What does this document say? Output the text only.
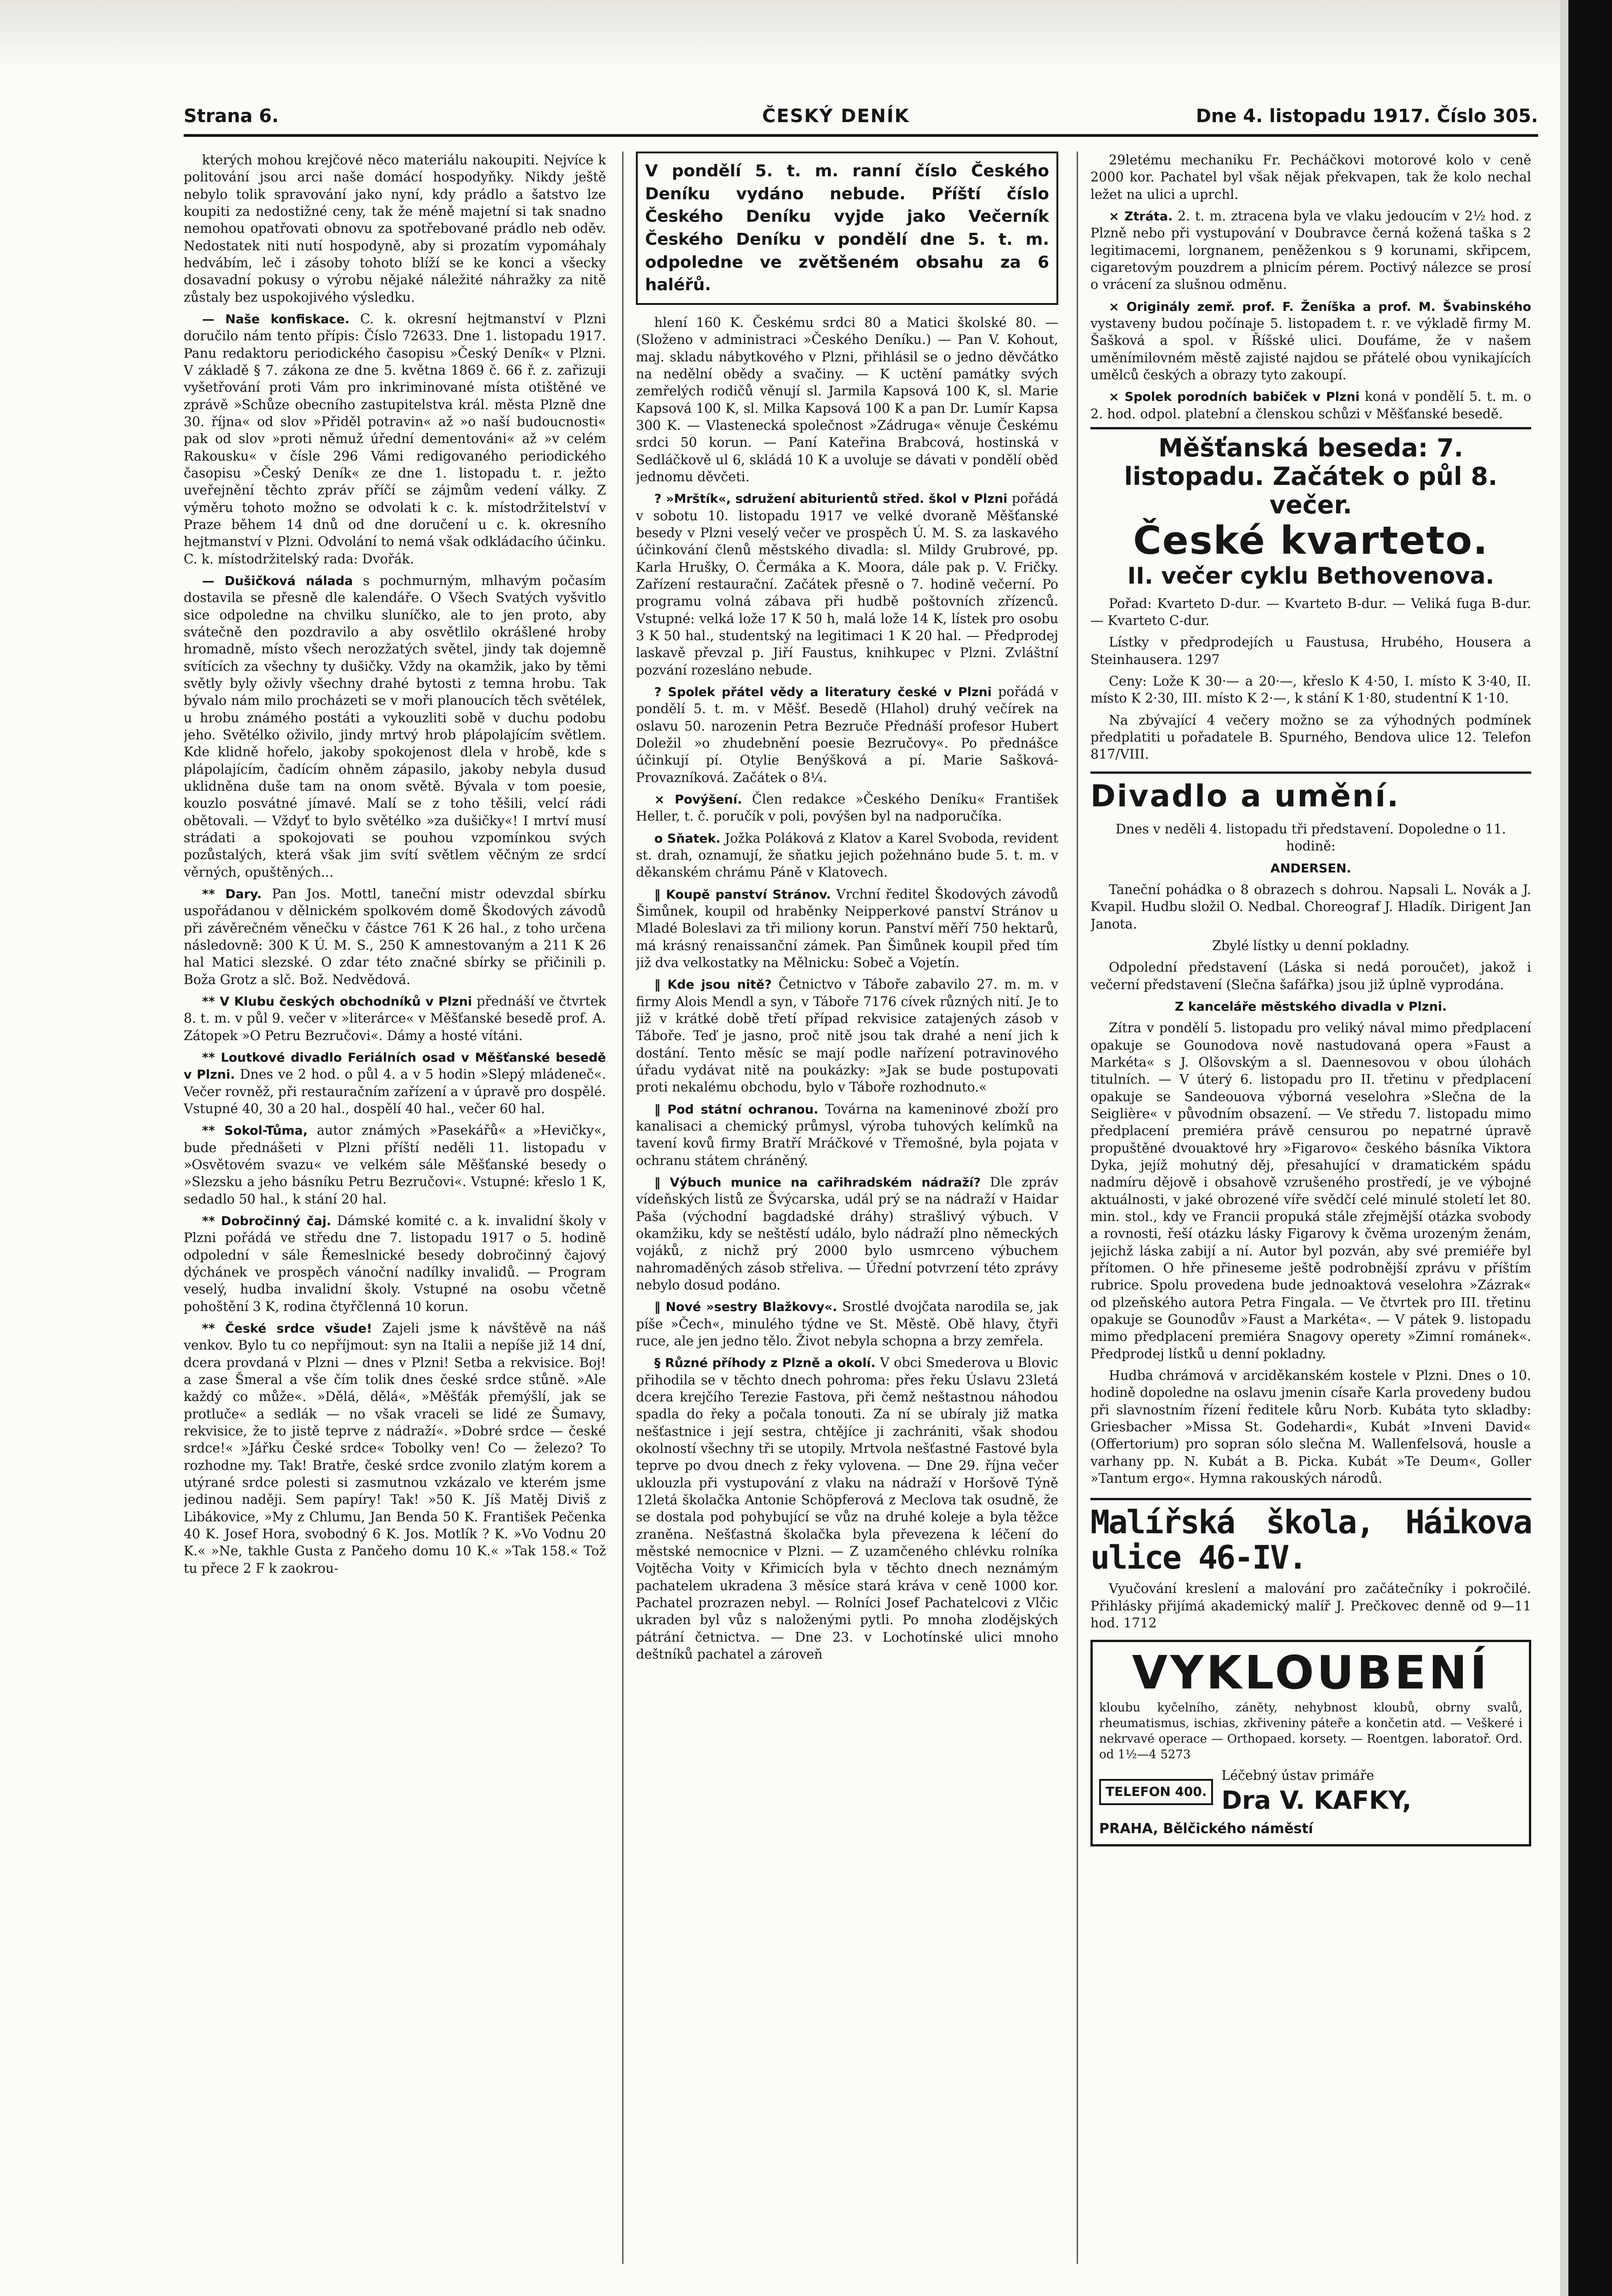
Strana 6.	ČESKÝ DENÍK	Dne 4. listopadu 1917. Číslo 305.

kterých mohou krejčové něco materiálu nakoupiti. Nejvíce k politování jsou arci naše domácí hospodyňky. Nikdy ještě nebylo tolik spravování jako nyní, kdy prádlo a šatstvo lze koupiti za nedostižné ceny, tak že méně majetní si tak snadno nemohou opatřovati obnovu za spotřebované prádlo neb oděv. Nedostatek niti nutí hospodyně, aby si prozatím vypomáhaly hedvábím, leč i zásoby tohoto blíží se ke konci a všecky dosavadní pokusy o výrobu nějaké náležité náhražky za nitě zůstaly bez uspokojivého výsledku.

— Naše konfiskace. C. k. okresní hejtmanství v Plzni doručilo nám tento přípis: Číslo 72633. Dne 1. listopadu 1917. Panu redaktoru periodického časopisu »Český Deník« v Plzni. V základě § 7. zákona ze dne 5. května 1869 č. 66 ř. z. zařizuji vyšetřování proti Vám pro inkriminované místa otištěné ve zprávě »Schůze obecního zastupitelstva král. města Plzně dne 30. října« od slov »Přiděl potravin« až »o naší budoucnosti« pak od slov »proti němuž úřední dementováni« až »v celém Rakousku« v čísle 296 Vámi redigovaného periodického časopisu »Český Deník« ze dne 1. listopadu t. r. ježto uveřejnění těchto zpráv příčí se zájmům vedení války. Z výměru tohoto možno se odvolati k c. k. místodržitelství v Praze během 14 dnů od dne doručení u c. k. okresního hejtmanství v Plzni. Odvolání to nemá však odkládacího účinku. C. k. místodržitelský rada: Dvořák.

— Dušičková nálada s pochmurným, mlhavým počasím dostavila se přesně dle kalendáře. O Všech Svatých vyšvitlo sice odpoledne na chvilku sluníčko, ale to jen proto, aby svátečně den pozdravilo a aby osvětlilo okrášlené hroby hromadně, místo všech nerozžatých světel, jindy tak dojemně svítících za všechny ty dušičky. Vždy na okamžik, jako by těmi světly byly oživly všechny drahé bytosti z temna hrobu. Tak bývalo nám milo procházeti se v moři planoucích těch světélek, u hrobu známého postáti a vykouzliti sobě v duchu podobu jeho. Světélko oživilo, jindy mrtvý hrob plápolajícím světlem. Kde klidně hořelo, jakoby spokojenost dlela v hrobě, kde s plápolajícím, čadícím ohněm zápasilo, jakoby nebyla dusud uklidněna duše tam na onom světě. Bývala v tom poesie, kouzlo posvátné jímavé. Malí se z toho těšili, velcí rádi obětovali. — Vždyť to bylo světélko »za dušičky«! I mrtví musí strádati a spokojovati se pouhou vzpomínkou svých pozůstalých, která však jim svítí světlem věčným ze srdcí věrných, opuštěných...

** Dary. Pan Jos. Mottl, taneční mistr odevzdal sbírku uspořádanou v dělnickém spolkovém domě Škodových závodů při závěrečném věnečku v částce 761 K 26 hal., z toho určena následovně: 300 K Ú. M. S., 250 K amnestovaným a 211 K 26 hal Matici slezské. O zdar této značné sbírky se přičinili p. Boža Grotz a slč. Bož. Nedvědová.

** V Klubu českých obchodníků v Plzni přednáší ve čtvrtek 8. t. m. v půl 9. večer v »literárce« v Měšťanské besedě prof. A. Zátopek »O Petru Bezručovi«. Dámy a hosté vítáni.

** Loutkové divadlo Feriálních osad v Měšťanské besedě v Plzni. Dnes ve 2 hod. o půl 4. a v 5 hodin »Slepý mládeneč«. Večer rovněž, při restauračním zařízení a v úpravě pro dospělé. Vstupné 40, 30 a 20 hal., dospělí 40 hal., večer 60 hal.

** Sokol-Tůma, autor známých »Pasekářů« a »Hevičky«, bude přednášeti v Plzni příští neděli 11. listopadu v »Osvětovém svazu« ve velkém sále Měšťanské besedy o »Slezsku a jeho básníku Petru Bezručovi«. Vstupné: křeslo 1 K, sedadlo 50 hal., k stání 20 hal.

** Dobročinný čaj. Dámské komité c. a k. invalidní školy v Plzni pořádá ve středu dne 7. listopadu 1917 o 5. hodině odpolední v sále Řemeslnické besedy dobročinný čajový dýchánek ve prospěch vánoční nadílky invalidů. — Program veselý, hudba invalidní školy. Vstupné na osobu včetně pohoštění 3 K, rodina čtyřčlenná 10 korun.

** České srdce všude! Zajeli jsme k návštěvě na náš venkov. Bylo tu co nepříjmout: syn na Italii a nepíše již 14 dní, dcera provdaná v Plzni — dnes v Plzni! Setba a rekvisice. Boj! a zase Šmeral a vše čím tolik dnes české srdce stůně. »Ale každý co může«. »Dělá, dělá«, »Měšťák přemýšlí, jak se protluče« a sedlák — no však vraceli se lidé ze Šumavy, rekvisice, že to jistě teprve z nádraží«. »Dobré srdce — české srdce!« »Jářku České srdce« Tobolky ven! Co — železo? To rozhodne my. Tak! Bratře, české srdce zvonilo zlatým korem a utýrané srdce polesti si zasmutnou vzkázalo ve kterém jsme jedinou naději. Sem papíry! Tak! »50 K. Jíš Matěj Diviš z Libákovice, »My z Chlumu, Jan Benda 50 K. František Pečenka 40 K. Josef Hora, svobodný 6 K. Jos. Motlík ? K. »Vo Vodnu 20 K.« »Ne, takhle Gusta z Pančeho domu 10 K.« »Tak 158.« Tož tu přece 2 F k zaokrou-

V pondělí 5. t. m. ranní číslo Českého Deníku vydáno nebude. Příští číslo Českého Deníku vyjde jako Večerník Českého Deníku v pondělí dne 5. t. m. odpoledne ve zvětšeném obsahu za 6 haléřů.

hlení 160 K. Českému srdci 80 a Matici školské 80. — (Složeno v administraci »Českého Deníku.) — Pan V. Kohout, maj. skladu nábytkového v Plzni, přihlásil se o jedno děvčátko na nedělní obědy a svačiny. — K uctění památky svých zemřelých rodičů věnují sl. Jarmila Kapsová 100 K, sl. Marie Kapsová 100 K, sl. Milka Kapsová 100 K a pan Dr. Lumír Kapsa 300 K. — Vlastenecká společnost »Zádruga« věnuje Českému srdci 50 korun. — Paní Kateřina Brabcová, hostinská v Sedláčkově ul 6, skládá 10 K a uvoluje se dávati v pondělí oběd jednomu děvčeti.

? »Mrštík«, sdružení abiturientů střed. škol v Plzni pořádá v sobotu 10. listopadu 1917 ve velké dvoraně Měšťanské besedy v Plzni veselý večer ve prospěch Ú. M. S. za laskavého účinkování členů městského divadla: sl. Mildy Grubrové, pp. Karla Hrušky, O. Čermáka a K. Moora, dále pak p. V. Fričky. Zařízení restaurační. Začátek přesně o 7. hodině večerní. Po programu volná zábava při hudbě poštovních zřízenců. Vstupné: velká lože 17 K 50 h, malá lože 14 K, lístek pro osobu 3 K 50 hal., studentský na legitimaci 1 K 20 hal. — Předprodej laskavě převzal p. Jiří Faustus, knihkupec v Plzni. Zvláštní pozvání rozesláno nebude.

? Spolek přátel vědy a literatury české v Plzni pořádá v pondělí 5. t. m. v Měšť. Besedě (Hlahol) druhý večírek na oslavu 50. narozenin Petra Bezruče Přednáší profesor Hubert Doležil »o zhudebnění poesie Bezručovy«. Po přednášce účinkují pí. Otylie Benýšková a pí. Marie Sašková-Provazníková. Začátek o 8¼.

× Povýšení. Člen redakce »Českého Deníku« František Heller, t. č. poručík v poli, povýšen byl na nadporučíka.

o Sňatek. Jožka Poláková z Klatov a Karel Svoboda, revident st. drah, oznamují, že sňatku jejich požehnáno bude 5. t. m. v děkanském chrámu Páně v Klatovech.

‖ Koupě panství Stránov. Vrchní ředitel Škodových závodů Šimůnek, koupil od hraběnky Neipperkové panství Stránov u Mladé Boleslavi za tři miliony korun. Panství měří 750 hektarů, má krásný renaissanční zámek. Pan Šimůnek koupil před tím již dva velkostatky na Mělnicku: Sobeč a Vojetín.

‖ Kde jsou nitě? Četnictvo v Táboře zabavilo 27. m. m. v firmy Alois Mendl a syn, v Táboře 7176 cívek různých nití. Je to již v krátké době třetí případ rekvisice zatajených zásob v Táboře. Teď je jasno, proč nitě jsou tak drahé a není jich k dostání. Tento měsíc se mají podle nařízení potravinového úřadu vydávat nitě na poukázky: »Jak se bude postupovati proti nekalému obchodu, bylo v Táboře rozhodnuto.«

‖ Pod státní ochranou. Továrna na kameninové zboží pro kanalisaci a chemický průmysl, výroba tuhových kelímků na tavení kovů firmy Bratří Mráčkové v Třemošné, byla pojata v ochranu státem chráněný.

‖ Výbuch munice na cařihradském nádraží? Dle zpráv vídeňských listů ze Švýcarska, udál prý se na nádraží v Haidar Paša (východní bagdadské dráhy) strašlivý výbuch. V okamžiku, kdy se neštěstí událo, bylo nádraží plno německých vojáků, z nichž prý 2000 bylo usmrceno výbuchem nahromaděných zásob střeliva. — Úřední potvrzení této zprávy nebylo dosud podáno.

‖ Nové »sestry Blažkovy«. Srostlé dvojčata narodila se, jak píše »Čech«, minulého týdne ve St. Městě. Obě hlavy, čtyři ruce, ale jen jedno tělo. Život nebyla schopna a brzy zemřela.

§ Různé příhody z Plzně a okolí. V obci Smederova u Blovic přihodila se v těchto dnech pohroma: přes řeku Úslavu 23letá dcera krejčího Terezie Fastova, při čemž neštastnou náhodou spadla do řeky a počala tonouti. Za ní se ubíraly již matka nešťastnice i její sestra, chtějíce ji zachrániti, však shodou okolností všechny tři se utopily. Mrtvola nešťastné Fastové byla teprve po dvou dnech z řeky vylovena. — Dne 29. října večer uklouzla při vystupování z vlaku na nádraží v Horšově Týně 12letá školačka Antonie Schöpferová z Meclova tak osudně, že se dostala pod pohybující se vůz na druhé koleje a byla těžce zraněna. Nešťastná školačka byla převezena k léčení do městské nemocnice v Plzni. — Z uzamčeného chlévku rolníka Vojtěcha Voity v Křimicích byla v těchto dnech neznámým pachatelem ukradena 3 měsíce stará kráva v ceně 1000 kor. Pachatel prozrazen nebyl. — Rolníci Josef Pachatelcovi z Vlčic ukraden byl vůz s naloženými pytli. Po mnoha zlodějských pátrání četnictva. — Dne 23. v Lochotínské ulici mnoho deštníků pachatel a zároveň

29letému mechaniku Fr. Pecháčkovi motorové kolo v ceně 2000 kor. Pachatel byl však nějak překvapen, tak že kolo nechal ležet na ulici a uprchl.

× Ztráta. 2. t. m. ztracena byla ve vlaku jedoucím v 2½ hod. z Plzně nebo při vystupování v Doubravce černá kožená taška s 2 legitimacemi, lorgnanem, peněženkou s 9 korunami, skřipcem, cigaretovým pouzdrem a plnicím pérem. Poctivý nálezce se prosí o vrácení za slušnou odměnu.

× Originály zemř. prof. F. Ženíška a prof. M. Švabinského vystaveny budou počínaje 5. listopadem t. r. ve výkladě firmy M. Šašková a spol. v Říšské ulici. Doufáme, že v našem uměnímilovném městě zajisté najdou se přátelé obou vynikajících umělců českých a obrazy tyto zakoupí.

× Spolek porodních babiček v Plzni koná v pondělí 5. t. m. o 2. hod. odpol. platební a členskou schůzi v Měšťanské besedě.

Měšťanská beseda: 7. listopadu. Začátek o půl 8. večer.
České kvarteto.
II. večer cyklu Bethovenova.

Pořad: Kvarteto D-dur. — Kvarteto B-dur. — Veliká fuga B-dur. — Kvarteto C-dur.

Lístky v předprodejích u Faustusa, Hrubého, Housera a Steinhausera. 1297

Ceny: Lože K 30·— a 20·—, křeslo K 4·50, I. místo K 3·40, II. místo K 2·30, III. místo K 2·—, k stání K 1·80, studentní K 1·10.

Na zbývající 4 večery možno se za výhodných podmínek předplatiti u pořadatele B. Spurného, Bendova ulice 12. Telefon 817/VIII.

Divadlo a umění.

Dnes v neděli 4. listopadu tři představení. Dopoledne o 11. hodině:

ANDERSEN.

Taneční pohádka o 8 obrazech s dohrou. Napsali L. Novák a J. Kvapil. Hudbu složil O. Nedbal. Choreograf J. Hladík. Dirigent Jan Janota.

Zbylé lístky u denní pokladny.

Odpolední představení (Láska si nedá poroučet), jakož i večerní představení (Slečna šafářka) jsou již úplně vyprodána.

Z kanceláře městského divadla v Plzni.

Zítra v pondělí 5. listopadu pro veliký nával mimo předplacení opakuje se Gounodova nově nastudovaná opera »Faust a Markéta« s J. Olšovským a sl. Daennesovou v obou úlohách titulních. — V úterý 6. listopadu pro II. třetinu v předplacení opakuje se Sandeouova výborná veselohra »Slečna de la Seiglière« v původním obsazení. — Ve středu 7. listopadu mimo předplacení premiéra právě censurou po nepatrné úpravě propuštěné dvouaktové hry »Figarovo« českého básníka Viktora Dyka, jejíž mohutný děj, přesahující v dramatickém spádu nadmíru dějově i obsahově vzrušeného prostředí, je ve výbojné aktuálnosti, v jaké obrozené víře svědčí celé minulé století let 80. min. stol., kdy ve Francii propuká stále zřejmější otázka svobody a rovnosti, řeší otázku lásky Figarovy k čvěma urozeným ženám, jejichž láska zabijí a ní. Autor byl pozván, aby své premiéře byl přítomen. O hře přineseme ještě podrobnější zprávu v příštím rubrice. Spolu provedena bude jednoaktová veselohra »Zázrak« od plzeňského autora Petra Fingala. — Ve čtvrtek pro III. třetinu opakuje se Gounodův »Faust a Markéta«. — V pátek 9. listopadu mimo předplacení premiéra Snagovy operety »Zimní románek«. Předprodej lístků u denní pokladny.

Hudba chrámová v arciděkanském kostele v Plzni. Dnes o 10. hodině dopoledne na oslavu jmenin císaře Karla provedeny budou při slavnostním řízení ředitele kůru Norb. Kubáta tyto skladby: Griesbacher »Missa St. Godehardi«, Kubát »Inveni David« (Offertorium) pro sopran sólo slečna M. Wallenfelsová, housle a varhany pp. N. Kubát a B. Picka. Kubát »Te Deum«, Goller »Tantum ergo«. Hymna rakouských národů.

Malířská škola, Háikova ulice 46-IV.

Vyučování kreslení a malování pro začátečníky i pokročilé. Přihlásky přijímá akademický malíř J. Prečkovec denně od 9—11 hod. 1712

VYKLOUBENÍ
kloubu kyčelního, záněty, nehybnost kloubů, obrny svalů, rheumatismus, ischias, zkřiveniny páteře a končetin atd. — Veškeré i nekrvavé operace — Orthopaed. korsety. — Roentgen. laboratoř. Ord. od 1½—4 5273
TELEFON 400.
Léčebný ústav primáře
Dra V. KAFKY,
PRAHA, Bělčického náměstí
